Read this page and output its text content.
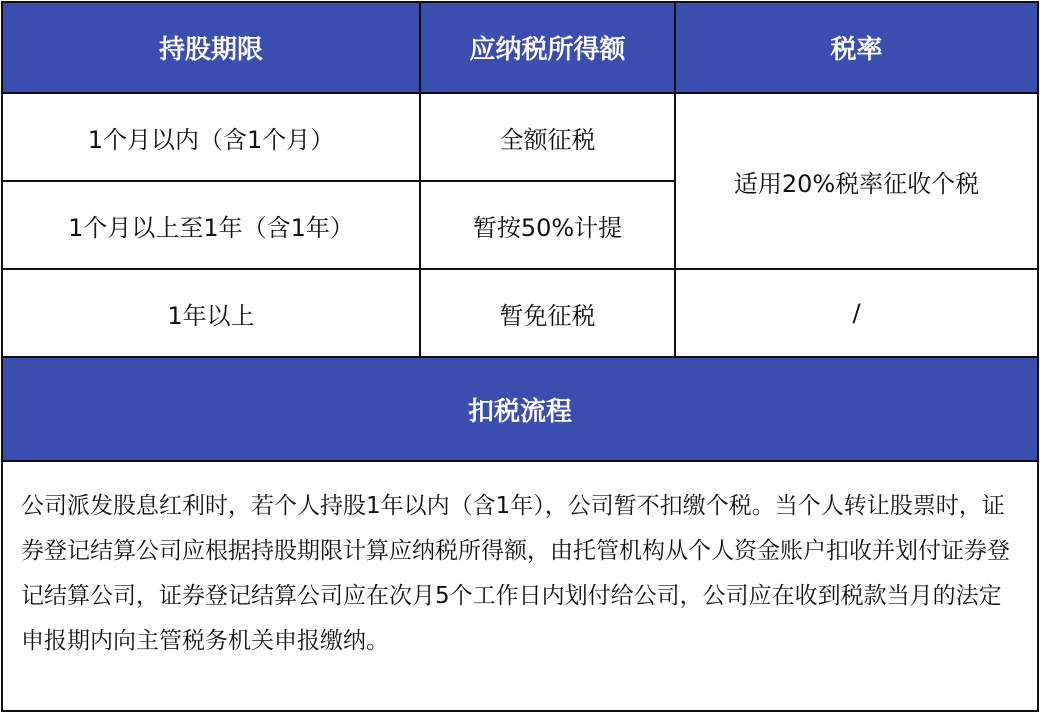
持股期限	应纳税所得额	税率
1个月以内（含1个月）	全额征税	适用20%税率征收个税
1个月以上至1年（含1年）	暂按50%计提	
1年以上	暂免征税	/
扣税流程		
公司派发股息红利时，若个人持股1年以内（含1年），公司暂不扣缴个税。当个人转让股票时，证券登记结算公司应根据持股期限计算应纳税所得额，由托管机构从个人资金账户扣收并划付证券登记结算公司，证券登记结算公司应在次月5个工作日内划付给公司，公司应在收到税款当月的法定申报期内向主管税务机关申报缴纳。		
